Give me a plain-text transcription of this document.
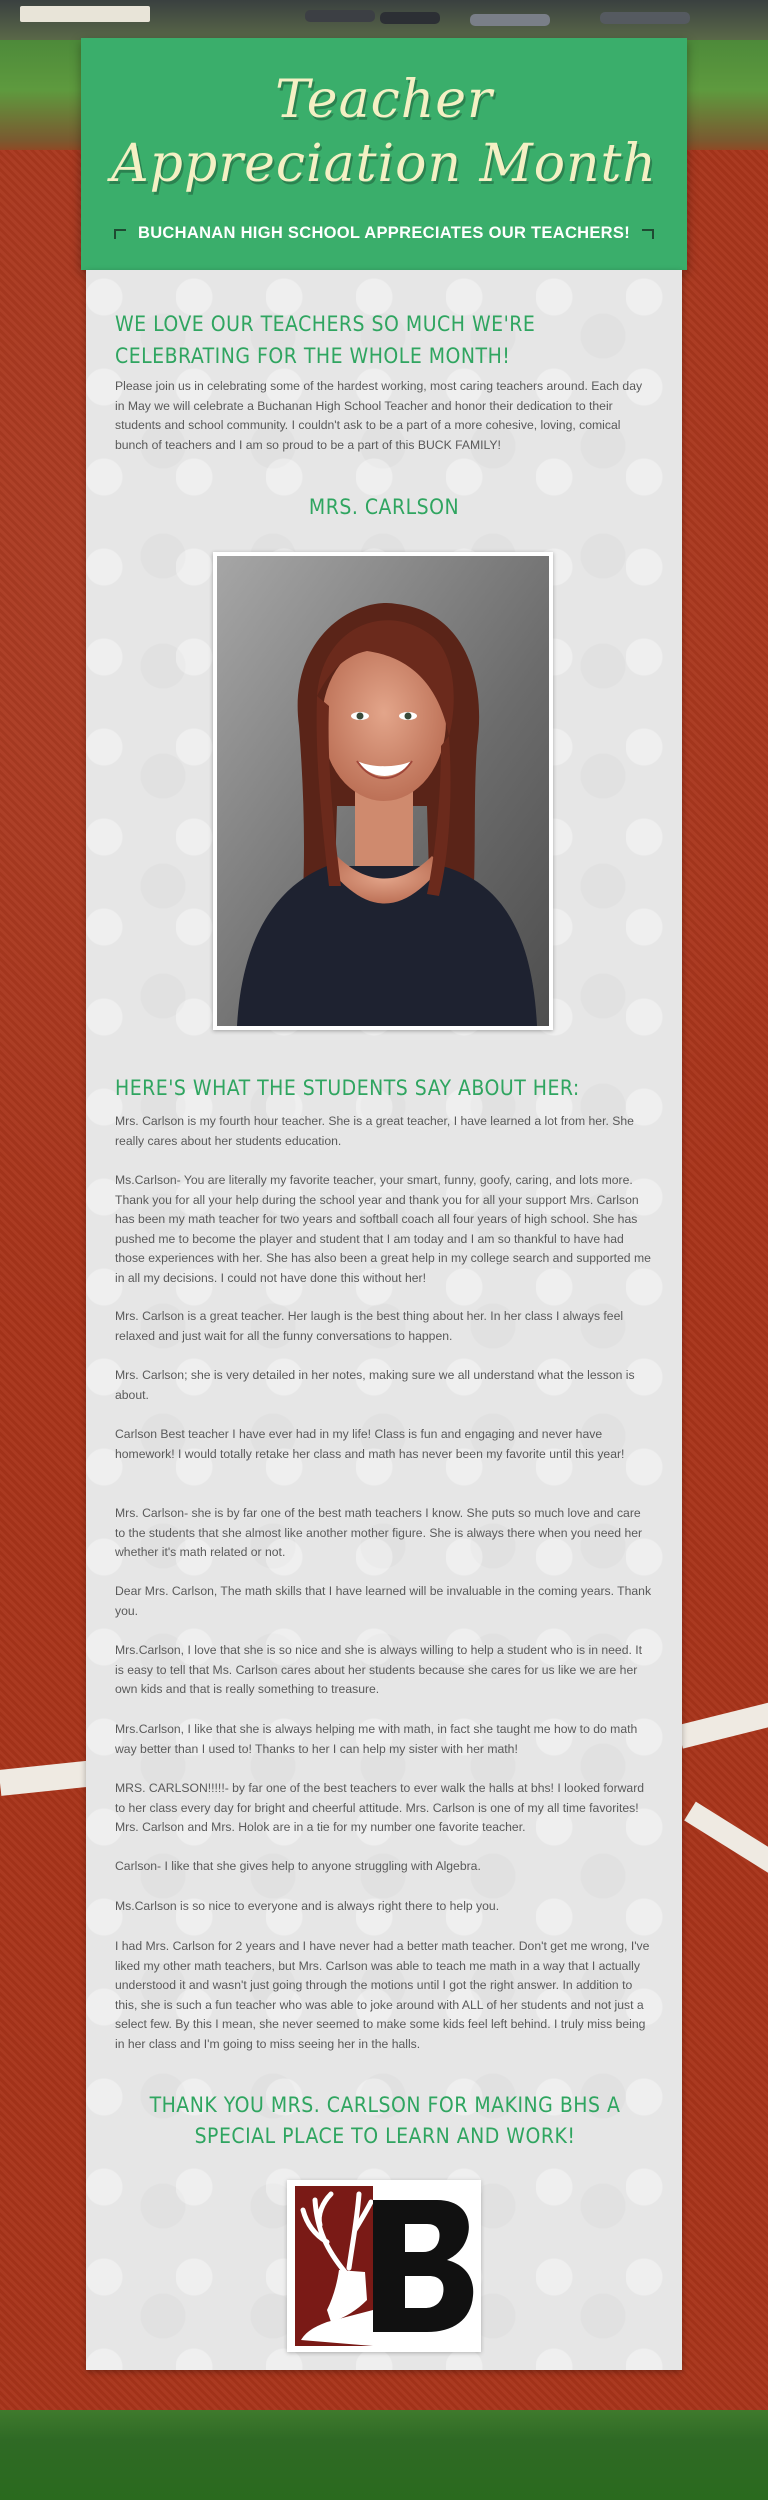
Teacher
Appreciation Month
BUCHANAN HIGH SCHOOL APPRECIATES OUR TEACHERS!
WE LOVE OUR TEACHERS SO MUCH WE'RE CELEBRATING FOR THE WHOLE MONTH!
Please join us in celebrating some of the hardest working, most caring teachers around. Each day in May we will celebrate a Buchanan High School Teacher and honor their dedication to their students and school community. I couldn't ask to be a part of a more cohesive, loving, comical bunch of teachers and I am so proud to be a part of this BUCK FAMILY!
MRS. CARLSON
HERE'S WHAT THE STUDENTS SAY ABOUT HER:
Mrs. Carlson is my fourth hour teacher. She is a great teacher, I have learned a lot from her. She really cares about her students education.
Ms.Carlson- You are literally my favorite teacher, your smart, funny, goofy, caring, and lots more. Thank you for all your help during the school year and thank you for all your support Mrs. Carlson has been my math teacher for two years and softball coach all four years of high school. She has pushed me to become the player and student that I am today and I am so thankful to have had those experiences with her. She has also been a great help in my college search and supported me in all my decisions. I could not have done this without her!
Mrs. Carlson is a great teacher. Her laugh is the best thing about her. In her class I always feel relaxed and just wait for all the funny conversations to happen.
Mrs. Carlson; she is very detailed in her notes, making sure we all understand what the lesson is about.
Carlson Best teacher I have ever had in my life! Class is fun and engaging and never have homework! I would totally retake her class and math has never been my favorite until this year!
Mrs. Carlson- she is by far one of the best math teachers I know. She puts so much love and care to the students that she almost like another mother figure. She is always there when you need her whether it's math related or not.
Dear Mrs. Carlson, The math skills that I have learned will be invaluable in the coming years. Thank you.
Mrs.Carlson, I love that she is so nice and she is always willing to help a student who is in need. It is easy to tell that Ms. Carlson cares about her students because she cares for us like we are her own kids and that is really something to treasure.
Mrs.Carlson, I like that she is always helping me with math, in fact she taught me how to do math way better than I used to! Thanks to her I can help my sister with her math!
MRS. CARLSON!!!!!- by far one of the best teachers to ever walk the halls at bhs! I looked forward to her class every day for bright and cheerful attitude. Mrs. Carlson is one of my all time favorites! Mrs. Carlson and Mrs. Holok are in a tie for my number one favorite teacher.
Carlson- I like that she gives help to anyone struggling with Algebra.
Ms.Carlson is so nice to everyone and is always right there to help you.
I had Mrs. Carlson for 2 years and I have never had a better math teacher. Don't get me wrong, I've liked my other math teachers, but Mrs. Carlson was able to teach me math in a way that I actually understood it and wasn't just going through the motions until I got the right answer. In addition to this, she is such a fun teacher who was able to joke around with ALL of her students and not just a select few. By this I mean, she never seemed to make some kids feel left behind. I truly miss being in her class and I'm going to miss seeing her in the halls.
THANK YOU MRS. CARLSON FOR MAKING BHS A SPECIAL PLACE TO LEARN AND WORK!
